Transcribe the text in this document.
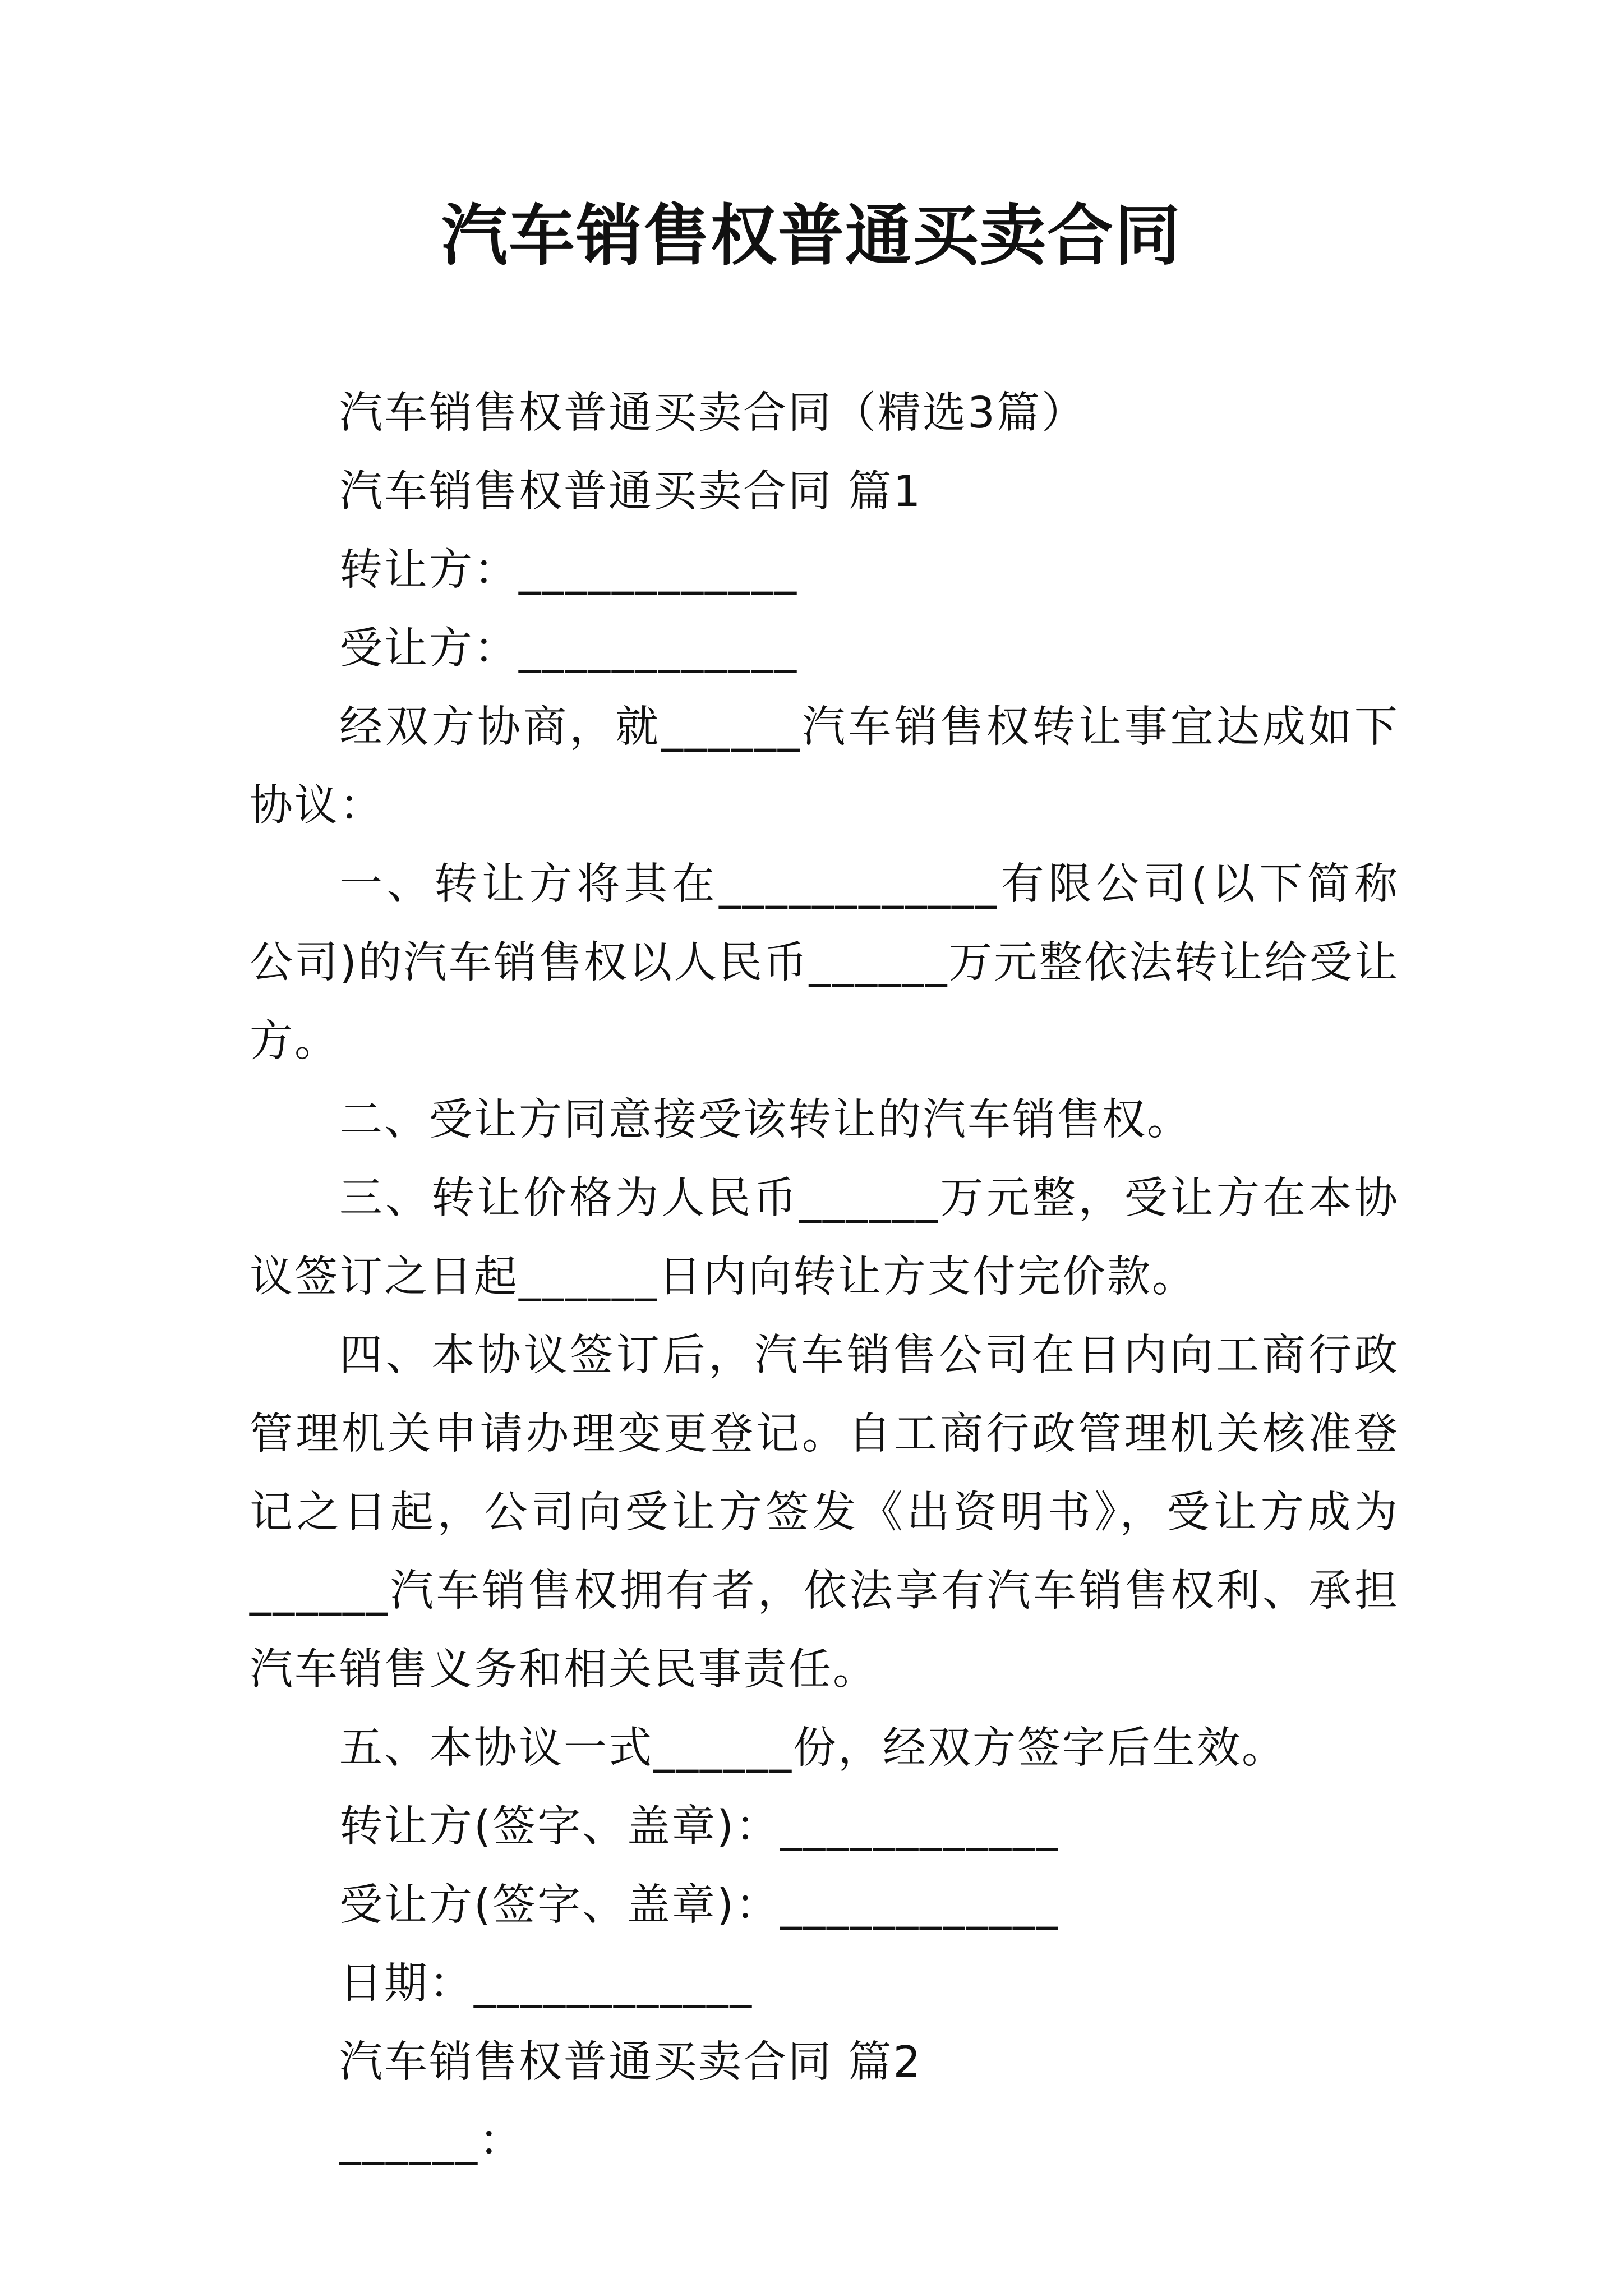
汽车销售权普通买卖合同

汽车销售权普通买卖合同（精选3篇）

汽车销售权普通买卖合同 篇1

转让方：____________

受让方：____________

经双方协商，就______汽车销售权转让事宜达成如下协议：

一、转让方将其在____________有限公司(以下简称公司)的汽车销售权以人民币______万元整依法转让给受让方。

二、受让方同意接受该转让的汽车销售权。

三、转让价格为人民币______万元整，受让方在本协议签订之日起______日内向转让方支付完价款。

四、本协议签订后，汽车销售公司在日内向工商行政管理机关申请办理变更登记。自工商行政管理机关核准登记之日起，公司向受让方签发《出资明书》，受让方成为______汽车销售权拥有者，依法享有汽车销售权利、承担汽车销售义务和相关民事责任。

五、本协议一式______份，经双方签字后生效。

转让方(签字、盖章)：____________

受让方(签字、盖章)：____________

日期：____________

汽车销售权普通买卖合同 篇2

______：
